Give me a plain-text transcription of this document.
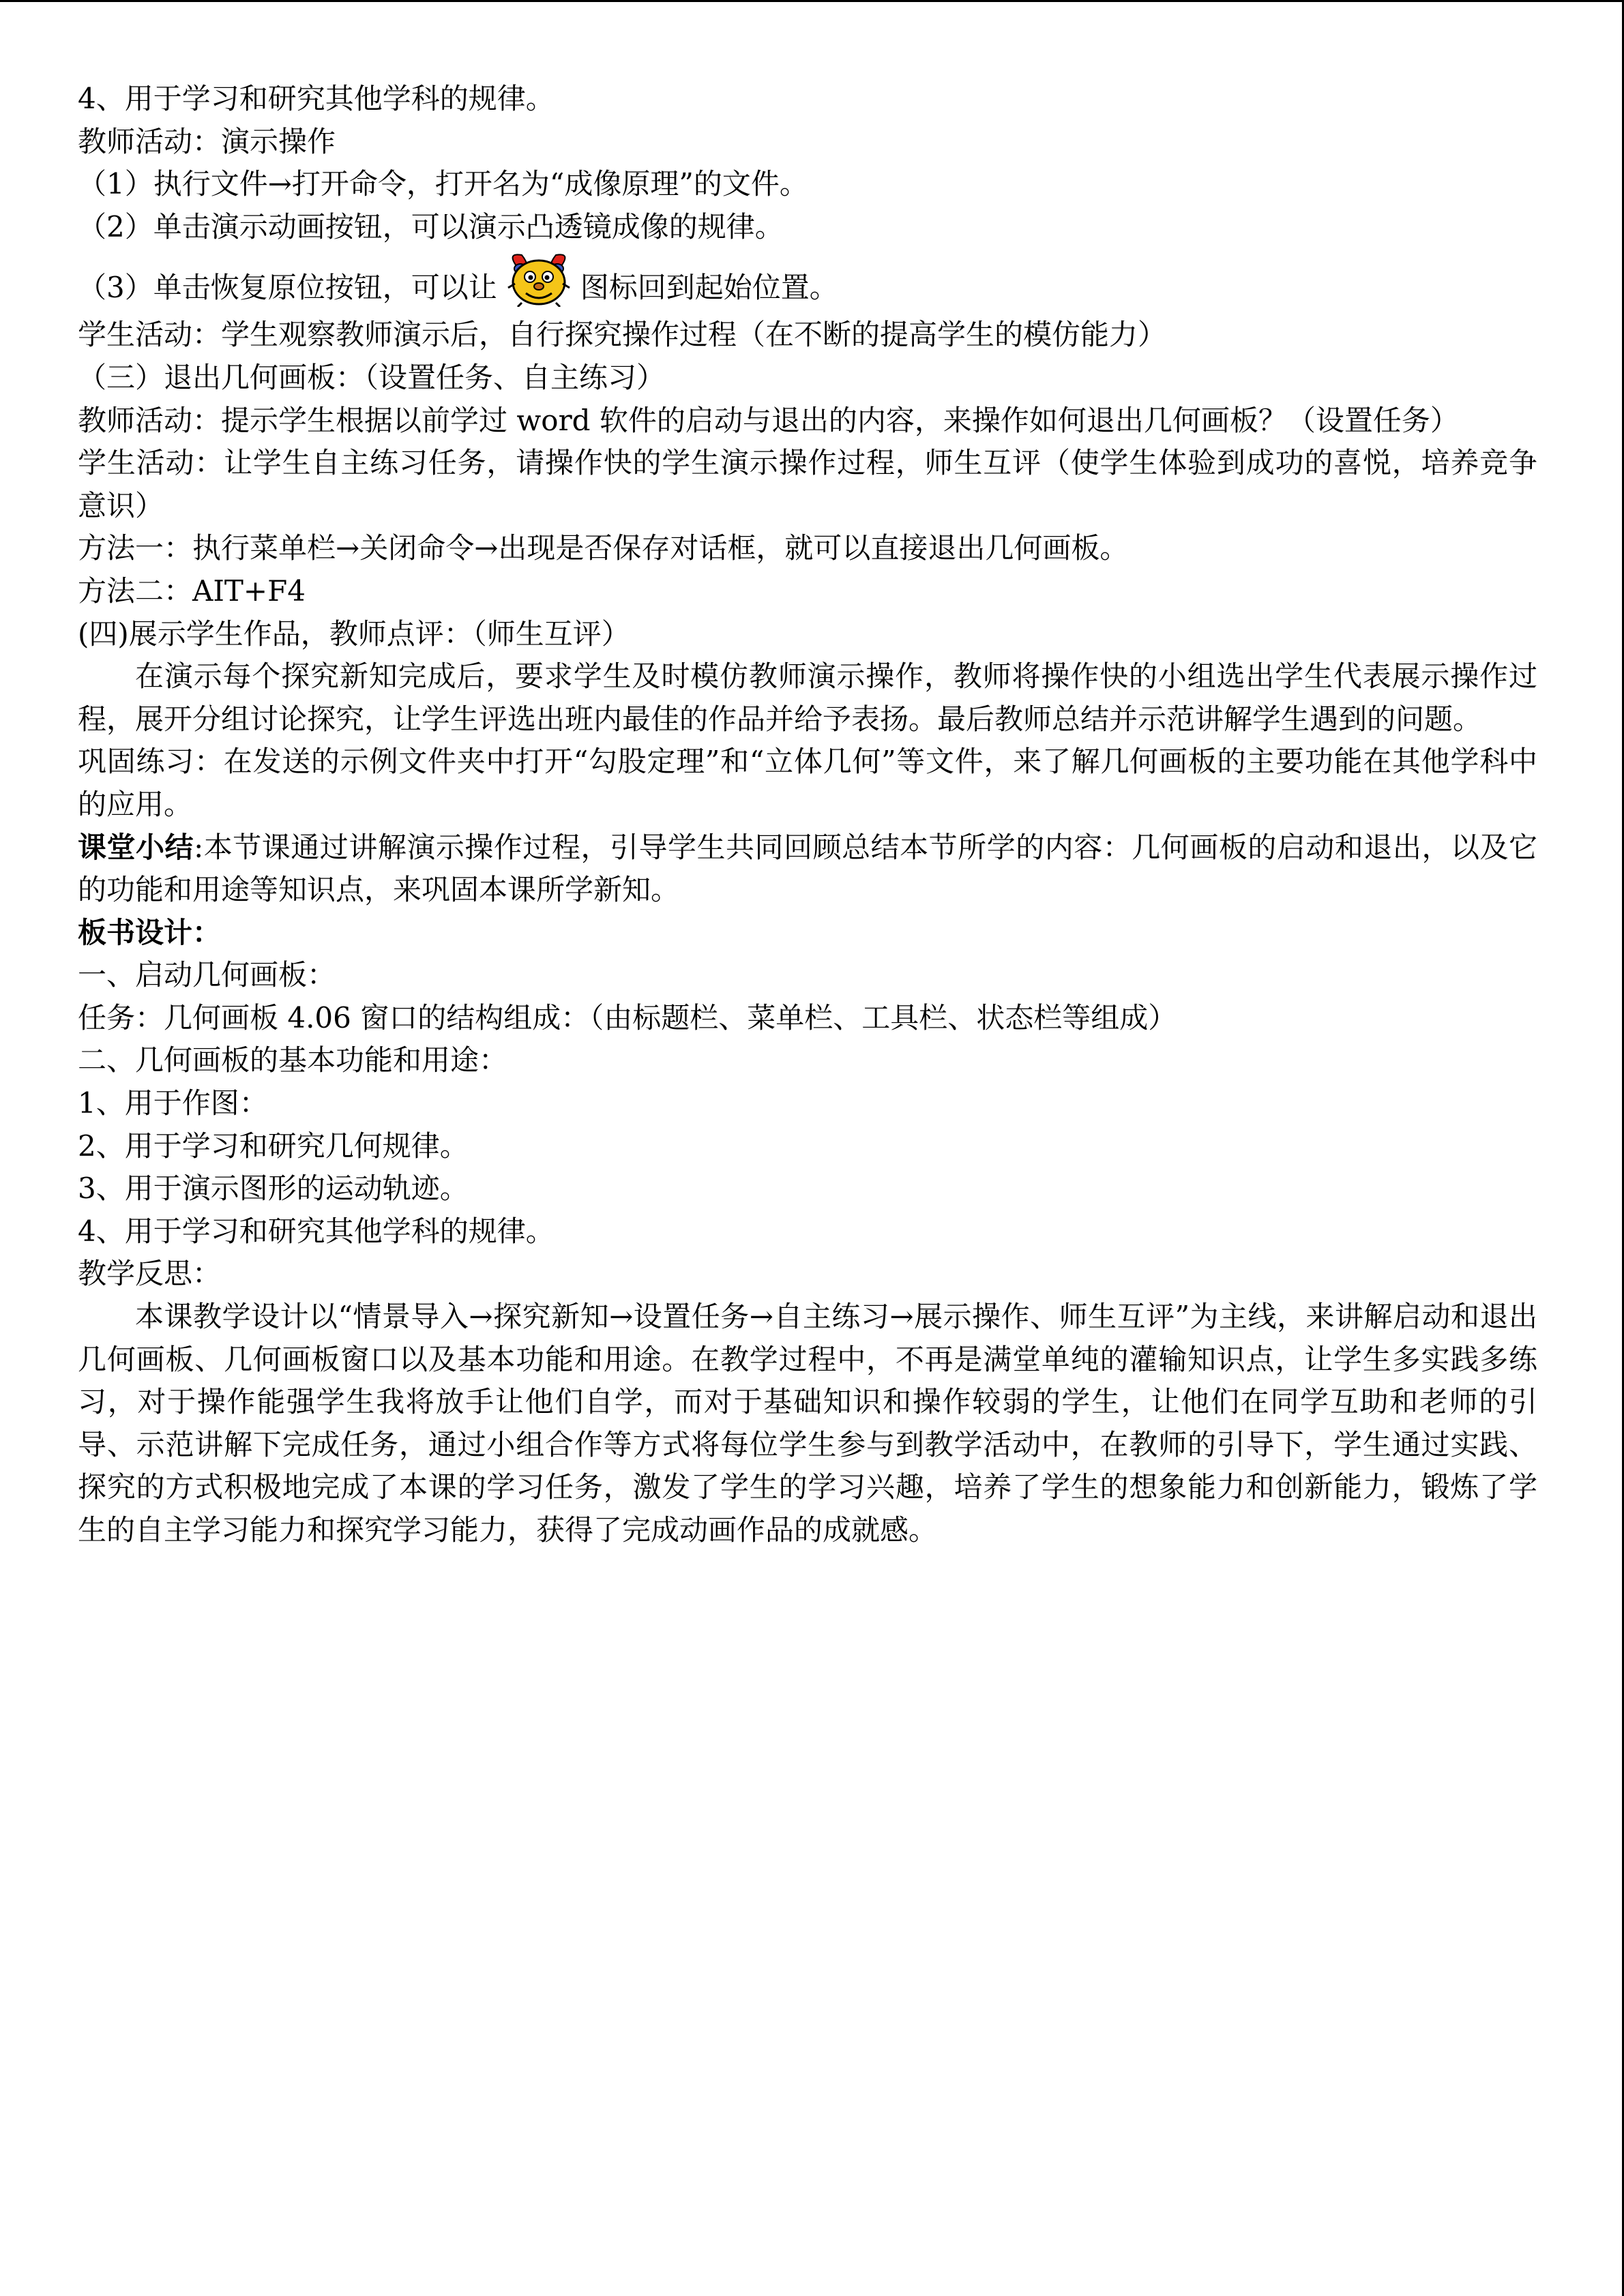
4、用于学习和研究其他学科的规律。
教师活动：演示操作
（1）执行文件→打开命令，打开名为“成像原理”的文件。
（2）单击演示动画按钮，可以演示凸透镜成像的规律。
（3）单击恢复原位按钮，可以让	图标回到起始位置。
学生活动：学生观察教师演示后，自行探究操作过程（在不断的提高学生的模仿能力）
（三）退出几何画板：（设置任务、自主练习）
教师活动：提示学生根据以前学过 word 软件的启动与退出的内容，来操作如何退出几何画板？（设置任务）
学生活动：让学生自主练习任务，请操作快的学生演示操作过程，师生互评（使学生体验到成功的喜悦，培养竞争意识）
方法一：执行菜单栏→关闭命令→出现是否保存对话框，就可以直接退出几何画板。
方法二：AIT+F4
(四)展示学生作品，教师点评：（师生互评）
在演示每个探究新知完成后，要求学生及时模仿教师演示操作，教师将操作快的小组选出学生代表展示操作过程，展开分组讨论探究，让学生评选出班内最佳的作品并给予表扬。最后教师总结并示范讲解学生遇到的问题。
巩固练习：在发送的示例文件夹中打开“勾股定理”和“立体几何”等文件，来了解几何画板的主要功能在其他学科中的应用。
课堂小结:本节课通过讲解演示操作过程，引导学生共同回顾总结本节所学的内容：几何画板的启动和退出，以及它的功能和用途等知识点，来巩固本课所学新知。
板书设计：
一、启动几何画板：
任务：几何画板 4.06 窗口的结构组成：（由标题栏、菜单栏、工具栏、状态栏等组成）
二、几何画板的基本功能和用途：
1、用于作图：
2、用于学习和研究几何规律。
3、用于演示图形的运动轨迹。
4、用于学习和研究其他学科的规律。
教学反思：
本课教学设计以“情景导入→探究新知→设置任务→自主练习→展示操作、师生互评”为主线，来讲解启动和退出几何画板、几何画板窗口以及基本功能和用途。在教学过程中，不再是满堂单纯的灌输知识点，让学生多实践多练习，对于操作能强学生我将放手让他们自学，而对于基础知识和操作较弱的学生，让他们在同学互助和老师的引导、示范讲解下完成任务，通过小组合作等方式将每位学生参与到教学活动中，在教师的引导下，学生通过实践、探究的方式积极地完成了本课的学习任务，激发了学生的学习兴趣，培养了学生的想象能力和创新能力，锻炼了学生的自主学习能力和探究学习能力，获得了完成动画作品的成就感。
